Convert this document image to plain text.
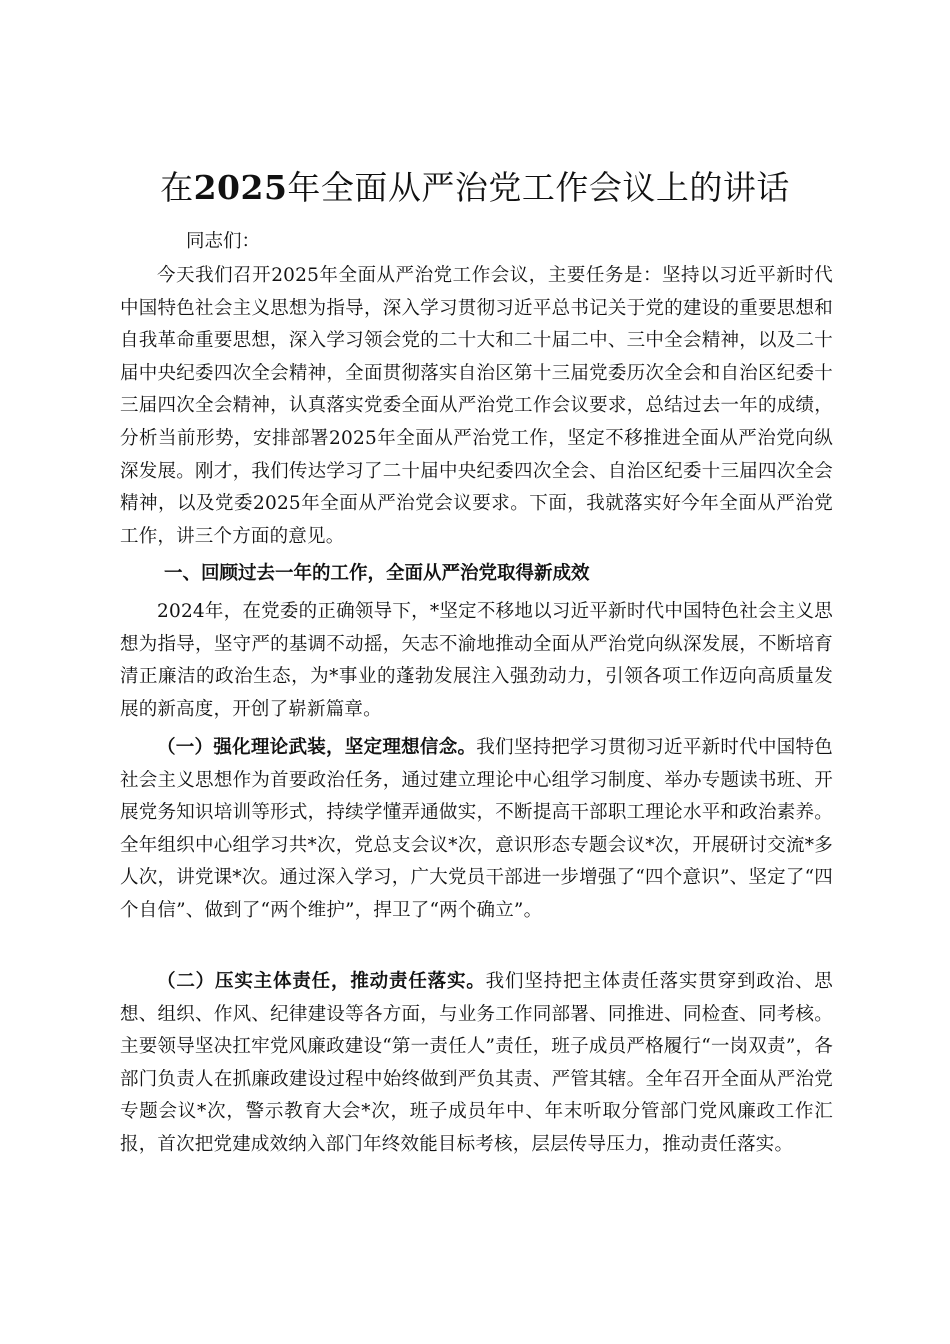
在2025年全面从严治党工作会议上的讲话

同志们：

今天我们召开2025年全面从严治党工作会议，主要任务是：坚持以习近平新时代中国特色社会主义思想为指导，深入学习贯彻习近平总书记关于党的建设的重要思想和自我革命重要思想，深入学习领会党的二十大和二十届二中、三中全会精神，以及二十届中央纪委四次全会精神，全面贯彻落实自治区第十三届党委历次全会和自治区纪委十三届四次全会精神，认真落实党委全面从严治党工作会议要求，总结过去一年的成绩，分析当前形势，安排部署2025年全面从严治党工作，坚定不移推进全面从严治党向纵深发展。刚才，我们传达学习了二十届中央纪委四次全会、自治区纪委十三届四次全会精神，以及党委2025年全面从严治党会议要求。下面，我就落实好今年全面从严治党工作，讲三个方面的意见。

一、回顾过去一年的工作，全面从严治党取得新成效

2024年，在党委的正确领导下，*坚定不移地以习近平新时代中国特色社会主义思想为指导，坚守严的基调不动摇，矢志不渝地推动全面从严治党向纵深发展，不断培育清正廉洁的政治生态，为*事业的蓬勃发展注入强劲动力，引领各项工作迈向高质量发展的新高度，开创了崭新篇章。

（一）强化理论武装，坚定理想信念。我们坚持把学习贯彻习近平新时代中国特色社会主义思想作为首要政治任务，通过建立理论中心组学习制度、举办专题读书班、开展党务知识培训等形式，持续学懂弄通做实，不断提高干部职工理论水平和政治素养。全年组织中心组学习共*次，党总支会议*次，意识形态专题会议*次，开展研讨交流*多人次，讲党课*次。通过深入学习，广大党员干部进一步增强了“四个意识”、坚定了“四个自信”、做到了“两个维护”，捍卫了“两个确立”。

（二）压实主体责任，推动责任落实。我们坚持把主体责任落实贯穿到政治、思想、组织、作风、纪律建设等各方面，与业务工作同部署、同推进、同检查、同考核。主要领导坚决扛牢党风廉政建设“第一责任人”责任，班子成员严格履行“一岗双责”，各部门负责人在抓廉政建设过程中始终做到严负其责、严管其辖。全年召开全面从严治党专题会议*次，警示教育大会*次，班子成员年中、年末听取分管部门党风廉政工作汇报，首次把党建成效纳入部门年终效能目标考核，层层传导压力，推动责任落实。
